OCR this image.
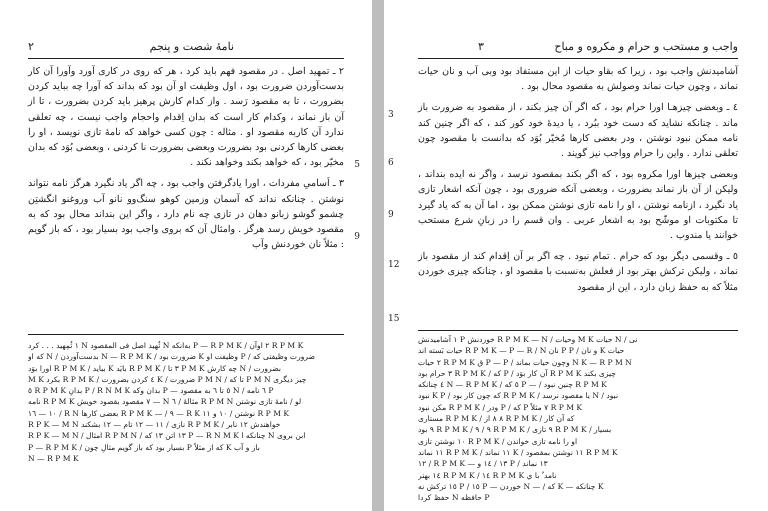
نامهٔ شصت و پنجم
۲

۲ ـ تمهید اصل . در مقصود فهم باید کرد ، هر که روی در کاری آورد وآورا آن کار بدست‌آوردن ضرورت بود ، اول وظیفت او آن بود که بداند که آورا چه بباید کردن بضرورت ، تا به مقصود رَسد . واز کدام کارش پرهیز باید کردن بضرورت ، تا از آن باز نماند ، وکدام کار است که بدان اِقدام واحجام واجب نیست ، چه تعلقی ندارد آن کاربه مقصود او . مثاله : چون کسی خواهد که نامهٔ تازی نویسد ، او را بعضی کارها کردنی بود بضرورت وبعضی بضرورت نا کردنی ، وبعضی بُوَد که بدان مخیّر بود ، که خواهد بکند وخواهد نکند .

۳ ـ اَسامیِ مفردات ، اورا یادگرفتن واجب بود ، چه اگر یاد نگیرد هرگز نامه نتواند نوشتن . چنانکه نداند که آسمان وزمین کوهو سنگ‌وو نانو آب وروغنو انگشتِن چشمو گوشو زبانو دهان در تازی چه نام دارد ، واگر این بنداند محال بود که به مقصود خویش رسد هرگز . وامثال آن که بروی واجب بود بسیار بود ، که باز گویم : مثلاً نان خوردنش وآب

5
9
١ ثُمِهید . . . کرد N ثُهید اصل فی المقصود N به‌انکه P — R P M K / ٢ اوآن R P M K
که او N / بدست‌آوردن N — R P M K / ضرورت بود K وظیفت او P / ضرورت وظیفتی که
اورا بوَد R P M K / بباید K بایَد R P M K / ٣ تا P M K چه کارش N / بضرورت
M K بکرد R P M K / ٤ کردن بضرورت K / ضرورت P M N / تا که P M N چیز دیگری
٥ R P M K بدانِ P / R N M K بدان وکه P — ٥ تا ٦ به مقصود N / ٦ نامه P
نامه R P M K ٧ مقصود بقصود خویش — N مثالهٔ / ٦ R P M N لو / نامهٔ تازی نوشتن
١٠ — ١٦ / R N بعضی کارها R P M K — / ٩ — R K نوشتن / ١٠ و ١١ R P M K
R P K — M N نازی / ١١ — ١٢ تام — ١٢ بشکند R P M K / خواهندش ١٢ نابر
R P K — M N / امثال R P M N / ١٣ اتن ١٣ که P — R N M K چنانکه ا N ابن بروی
P — R P M K / بسیار بود که باز گویم مثالِ چون P که از مثلاً K باز و آب
N — R P M K
واجب و مستحب و حرام و مکروه و مباح
۳

آشامیدنش واجب بود ، زیرا که بقاو حیات از این مستفاد بود وبی آب و نان حیات نماند ، وچون حیات نماند وصولش به مقصود محال بود .

٤ ـ وبعضی چیزهـا اورا حرام بود ، که اگر آن چیز بکند ، از مقصود به ضرورت باز ماند . چنانکه نشاید که دست خود ببُرد ، یا دیدهٔ خود کور کند ، که اگر چنین کند نامه ممکن نبود نوشتن ، ودر بعضی کارها مُخیّر بُوَد که بدانست با مقصود چون تعلقی ندارد . واین را حرام وواجب نیز گویند .

وبعضی چیزها اورا مکروه بود ، که اگر بکند بمقصود نرسد ، واگر نه ایده بنداند ، ولیکن از آن باز نماند بضرورت ، وبعضی آنکه ضروری بود ، چون آنکه اشعار تازی یاد نگیرد ، ازنامه نوشتن ، او را نامه تازی نوشتن ممکن بود ، اما آن به که یاد گیرد تا مکتوبات او موشّح بود به اشعار عربی . وان قسم را در زبانِ شرع مستحب خوانند یا مندوب .

٥ ـ وقسمی دیگر بود که حرام . تمام نبود . چه اگر بر آن اِقدام کند از مقصود باز نماند ، ولیکن ترکش بهتر بود از فعلش به‌نسبت با مقصود او ، چنانکه چیزی خوردن مثلاً که به حفظ زبان دارد ، این از مقصود

3
6
9
12
15
١ آشامیدنش P خوردنش R P M K — N / وحیات M K حیات N / نی
حیات بَسته اند R P M K — P — R / N نان P P / و نان K حیات
٢ حیات R P M K ق P — P / وچون حیات بماند N K — R P M N
٣ حرام بود R P M K / که P / آن کار بوَد R P M K چیزی بکند
٤ چنانکه N — R P M K / ٥ که P — / چنین نبود R P M K
نبود K P / که چون کار بود R P M K / یا مقصود نرسد N / نبود
مکن نبود R P M K / ودر P / که P ٧ مثلاً R P M K
مستاری R P M K / ٨ ٨ از R P M K / که آن کار
٩ بود R P M K / ٩ / ٩ R P M K / ٩ تازی R P M K / بسیار
١٠ نوشتن تازی R P M K / او را نامه تازی خواندن
١١ نماند R P M K / ١١ نماند K / ١١ نوشتن بمقصود R P M K
١٢ / R P M K — ١٣ / ١٤ و P / ١٣ نماند
١٤ بهتر R P M K / ١٤ R P M K نامد ٌ با ي
١٥ ترکش نه P / ١٥ P — خوردن N — / که K — چنانکه K
حفظ کردا N حافظه P
